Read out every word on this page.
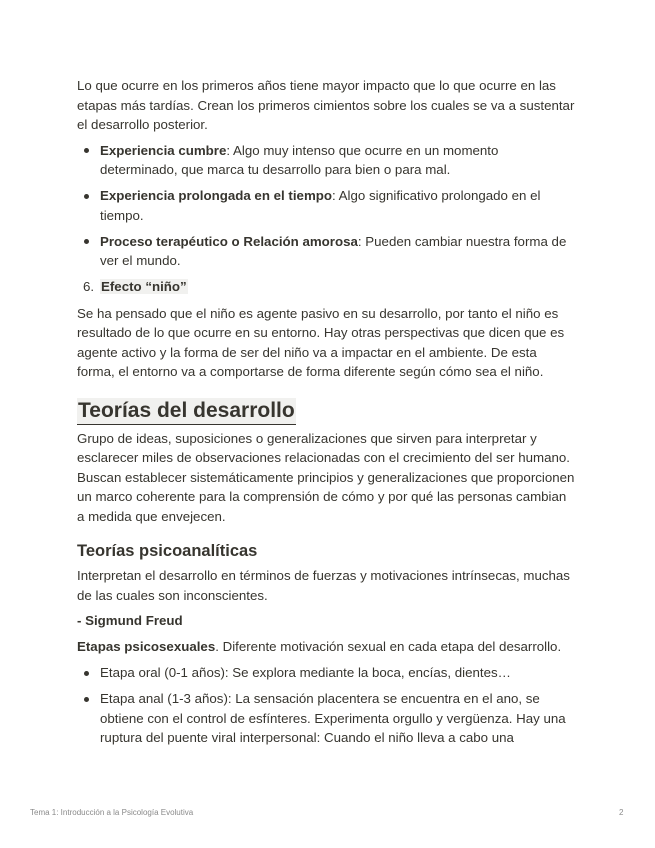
Lo que ocurre en los primeros años tiene mayor impacto que lo que ocurre en las etapas más tardías. Crean los primeros cimientos sobre los cuales se va a sustentar el desarrollo posterior.

Experiencia cumbre: Algo muy intenso que ocurre en un momento determinado, que marca tu desarrollo para bien o para mal.
Experiencia prolongada en el tiempo: Algo significativo prolongado en el tiempo.
Proceso terapéutico o Relación amorosa: Pueden cambiar nuestra forma de ver el mundo.
6. Efecto “niño”

Se ha pensado que el niño es agente pasivo en su desarrollo, por tanto el niño es resultado de lo que ocurre en su entorno. Hay otras perspectivas que dicen que es agente activo y la forma de ser del niño va a impactar en el ambiente. De esta forma, el entorno va a comportarse de forma diferente según cómo sea el niño.

Teorías del desarrollo

Grupo de ideas, suposiciones o generalizaciones que sirven para interpretar y esclarecer miles de observaciones relacionadas con el crecimiento del ser humano. Buscan establecer sistemáticamente principios y generalizaciones que proporcionen un marco coherente para la comprensión de cómo y por qué las personas cambian a medida que envejecen.

Teorías psicoanalíticas

Interpretan el desarrollo en términos de fuerzas y motivaciones intrínsecas, muchas de las cuales son inconscientes.

- Sigmund Freud

Etapas psicosexuales. Diferente motivación sexual en cada etapa del desarrollo.

Etapa oral (0-1 años): Se explora mediante la boca, encías, dientes…
Etapa anal (1-3 años): La sensación placentera se encuentra en el ano, se obtiene con el control de esfínteres. Experimenta orgullo y vergüenza. Hay una ruptura del puente viral interpersonal: Cuando el niño lleva a cabo una
Tema 1: Introducción a la Psicología Evolutiva	2
